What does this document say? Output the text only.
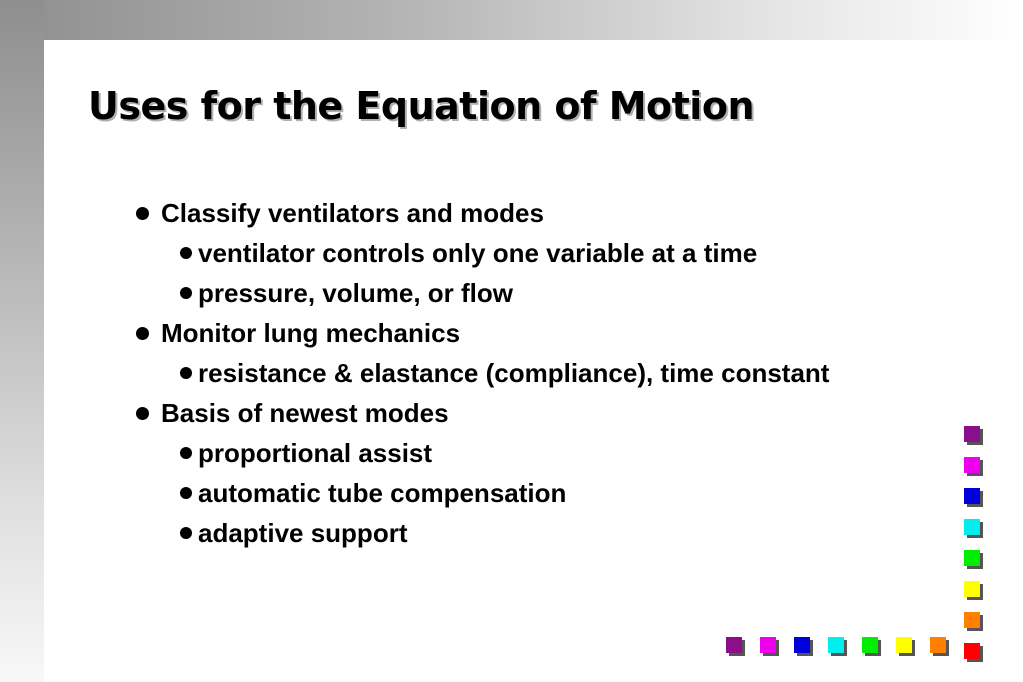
Uses for the Equation of Motion
Classify ventilators and modes
ventilator controls only one variable at a time
pressure, volume, or flow
Monitor lung mechanics
resistance & elastance (compliance), time constant
Basis of newest modes
proportional assist
automatic tube compensation
adaptive support
